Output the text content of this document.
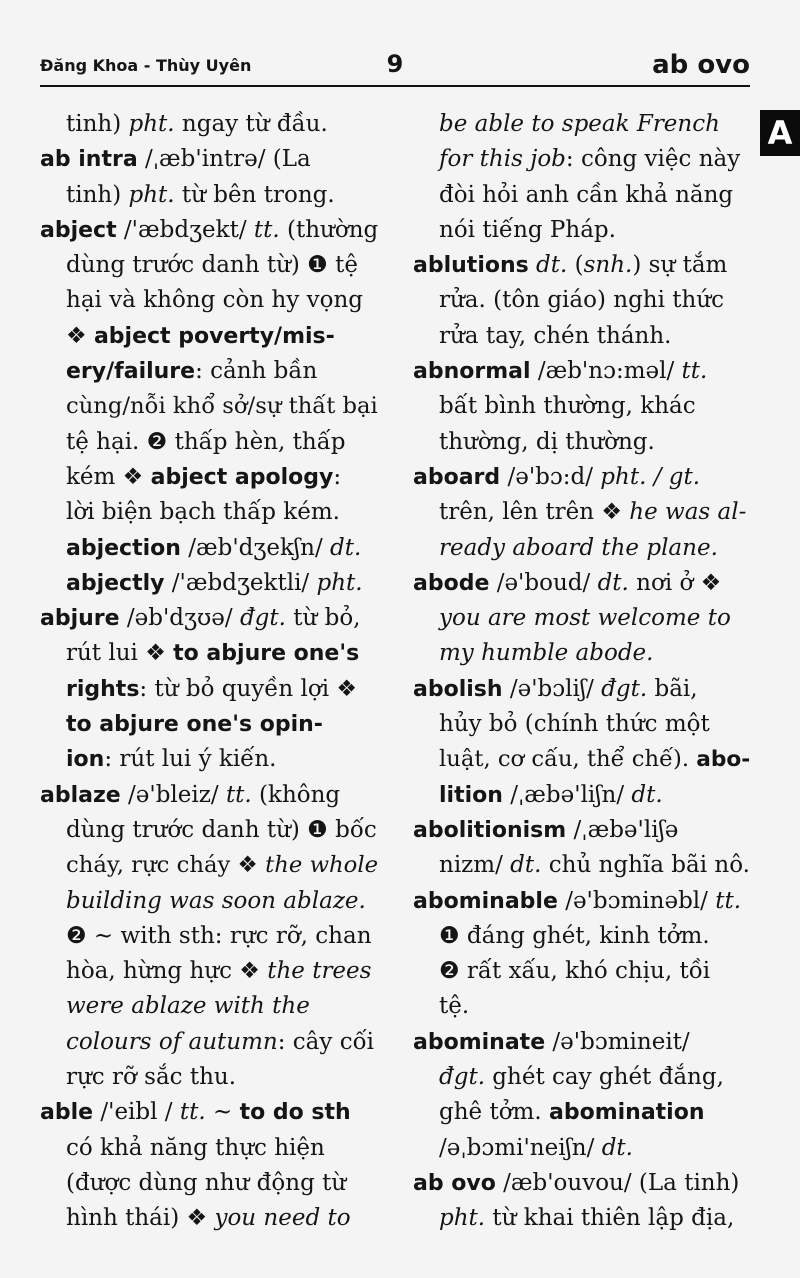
Đăng Khoa - Thùy Uyên	9	ab ovo
A
tinh) pht. ngay từ đầu.
ab intra /ˌæb'intrə/ (La
tinh) pht. từ bên trong.
abject /'æbdʒekt/ tt. (thường
dùng trước danh từ) ❶ tệ
hại và không còn hy vọng
❖ abject poverty/mis-
ery/failure: cảnh bần
cùng/nỗi khổ sở/sự thất bại
tệ hại. ❷ thấp hèn, thấp
kém ❖ abject apology:
lời biện bạch thấp kém.
abjection /æb'dʒekʃn/ dt.
abjectly /'æbdʒektli/ pht.
abjure /əb'dʒʊə/ đgt. từ bỏ,
rút lui ❖ to abjure one's
rights: từ bỏ quyền lợi ❖
to abjure one's opin-
ion: rút lui ý kiến.
ablaze /ə'bleiz/ tt. (không
dùng trước danh từ) ❶ bốc
cháy, rực cháy ❖ the whole
building was soon ablaze.
❷ ~ with sth: rực rỡ, chan
hòa, hừng hực ❖ the trees
were ablaze with the
colours of autumn: cây cối
rực rỡ sắc thu.
able /'eibl / tt. ~ to do sth
có khả năng thực hiện
(được dùng như động từ
hình thái) ❖ you need to
be able to speak French
for this job: công việc này
đòi hỏi anh cần khả năng
nói tiếng Pháp.
ablutions dt. (snh.) sự tắm
rửa. (tôn giáo) nghi thức
rửa tay, chén thánh.
abnormal /æb'nɔ:məl/ tt.
bất bình thường, khác
thường, dị thường.
aboard /ə'bɔ:d/ pht. / gt.
trên, lên trên ❖ he was al-
ready aboard the plane.
abode /ə'boud/ dt. nơi ở ❖
you are most welcome to
my humble abode.
abolish /ə'bɔliʃ/ đgt. bãi,
hủy bỏ (chính thức một
luật, cơ cấu, thể chế). abo-
lition /ˌæbə'liʃn/ dt.
abolitionism /ˌæbə'liʃə
nizm/ dt. chủ nghĩa bãi nô.
abominable /ə'bɔminəbl/ tt.
❶ đáng ghét, kinh tởm.
❷ rất xấu, khó chịu, tồi
tệ.
abominate /ə'bɔmineit/
đgt. ghét cay ghét đắng,
ghê tởm. abomination
/əˌbɔmi'neiʃn/ dt.
ab ovo /æb'ouvou/ (La tinh)
pht. từ khai thiên lập địa,
